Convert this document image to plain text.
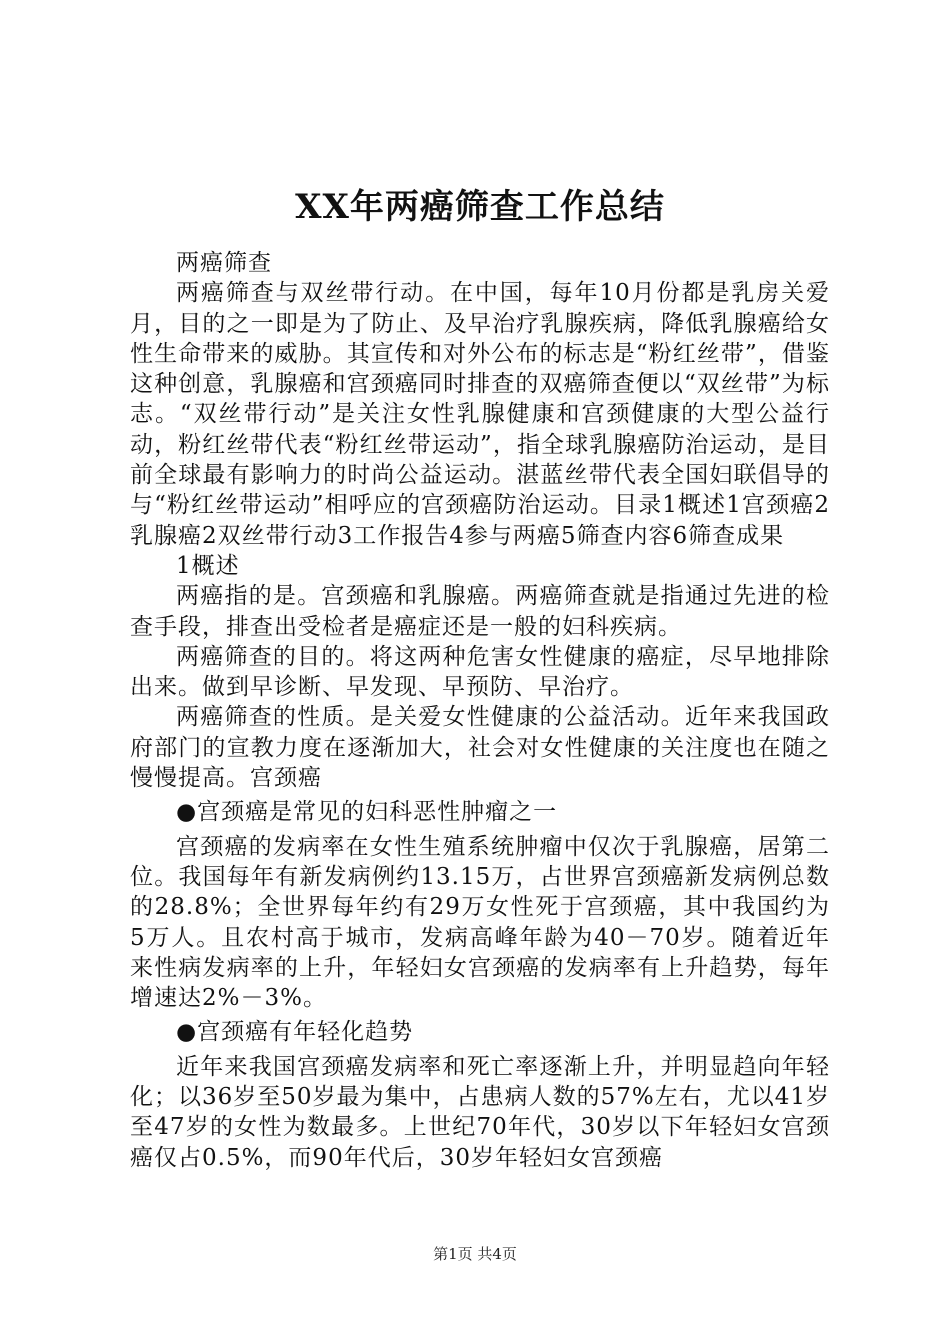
XX年两癌筛查工作总结

两癌筛查

两癌筛查与双丝带行动。在中国，每年10月份都是乳房关爱月，目的之一即是为了防止、及早治疗乳腺疾病，降低乳腺癌给女性生命带来的威胁。其宣传和对外公布的标志是“粉红丝带”，借鉴这种创意，乳腺癌和宫颈癌同时排查的双癌筛查便以“双丝带”为标志。“双丝带行动”是关注女性乳腺健康和宫颈健康的大型公益行动，粉红丝带代表“粉红丝带运动”，指全球乳腺癌防治运动，是目前全球最有影响力的时尚公益运动。湛蓝丝带代表全国妇联倡导的与“粉红丝带运动”相呼应的宫颈癌防治运动。目录1概述1宫颈癌2乳腺癌2双丝带行动3工作报告4参与两癌5筛查内容6筛查成果

1概述

两癌指的是。宫颈癌和乳腺癌。两癌筛查就是指通过先进的检查手段，排查出受检者是癌症还是一般的妇科疾病。

两癌筛查的目的。将这两种危害女性健康的癌症，尽早地排除出来。做到早诊断、早发现、早预防、早治疗。

两癌筛查的性质。是关爱女性健康的公益活动。近年来我国政府部门的宣教力度在逐渐加大，社会对女性健康的关注度也在随之慢慢提高。宫颈癌

●宫颈癌是常见的妇科恶性肿瘤之一

宫颈癌的发病率在女性生殖系统肿瘤中仅次于乳腺癌，居第二位。我国每年有新发病例约13.15万，占世界宫颈癌新发病例总数的28.8%；全世界每年约有29万女性死于宫颈癌，其中我国约为5万人。且农村高于城市，发病高峰年龄为40－70岁。随着近年来性病发病率的上升，年轻妇女宫颈癌的发病率有上升趋势，每年增速达2%－3%。

●宫颈癌有年轻化趋势

近年来我国宫颈癌发病率和死亡率逐渐上升，并明显趋向年轻化；以36岁至50岁最为集中，占患病人数的57%左右，尤以41岁至47岁的女性为数最多。上世纪70年代，30岁以下年轻妇女宫颈癌仅占0.5%，而90年代后，30岁年轻妇女宫颈癌

第1页 共4页
